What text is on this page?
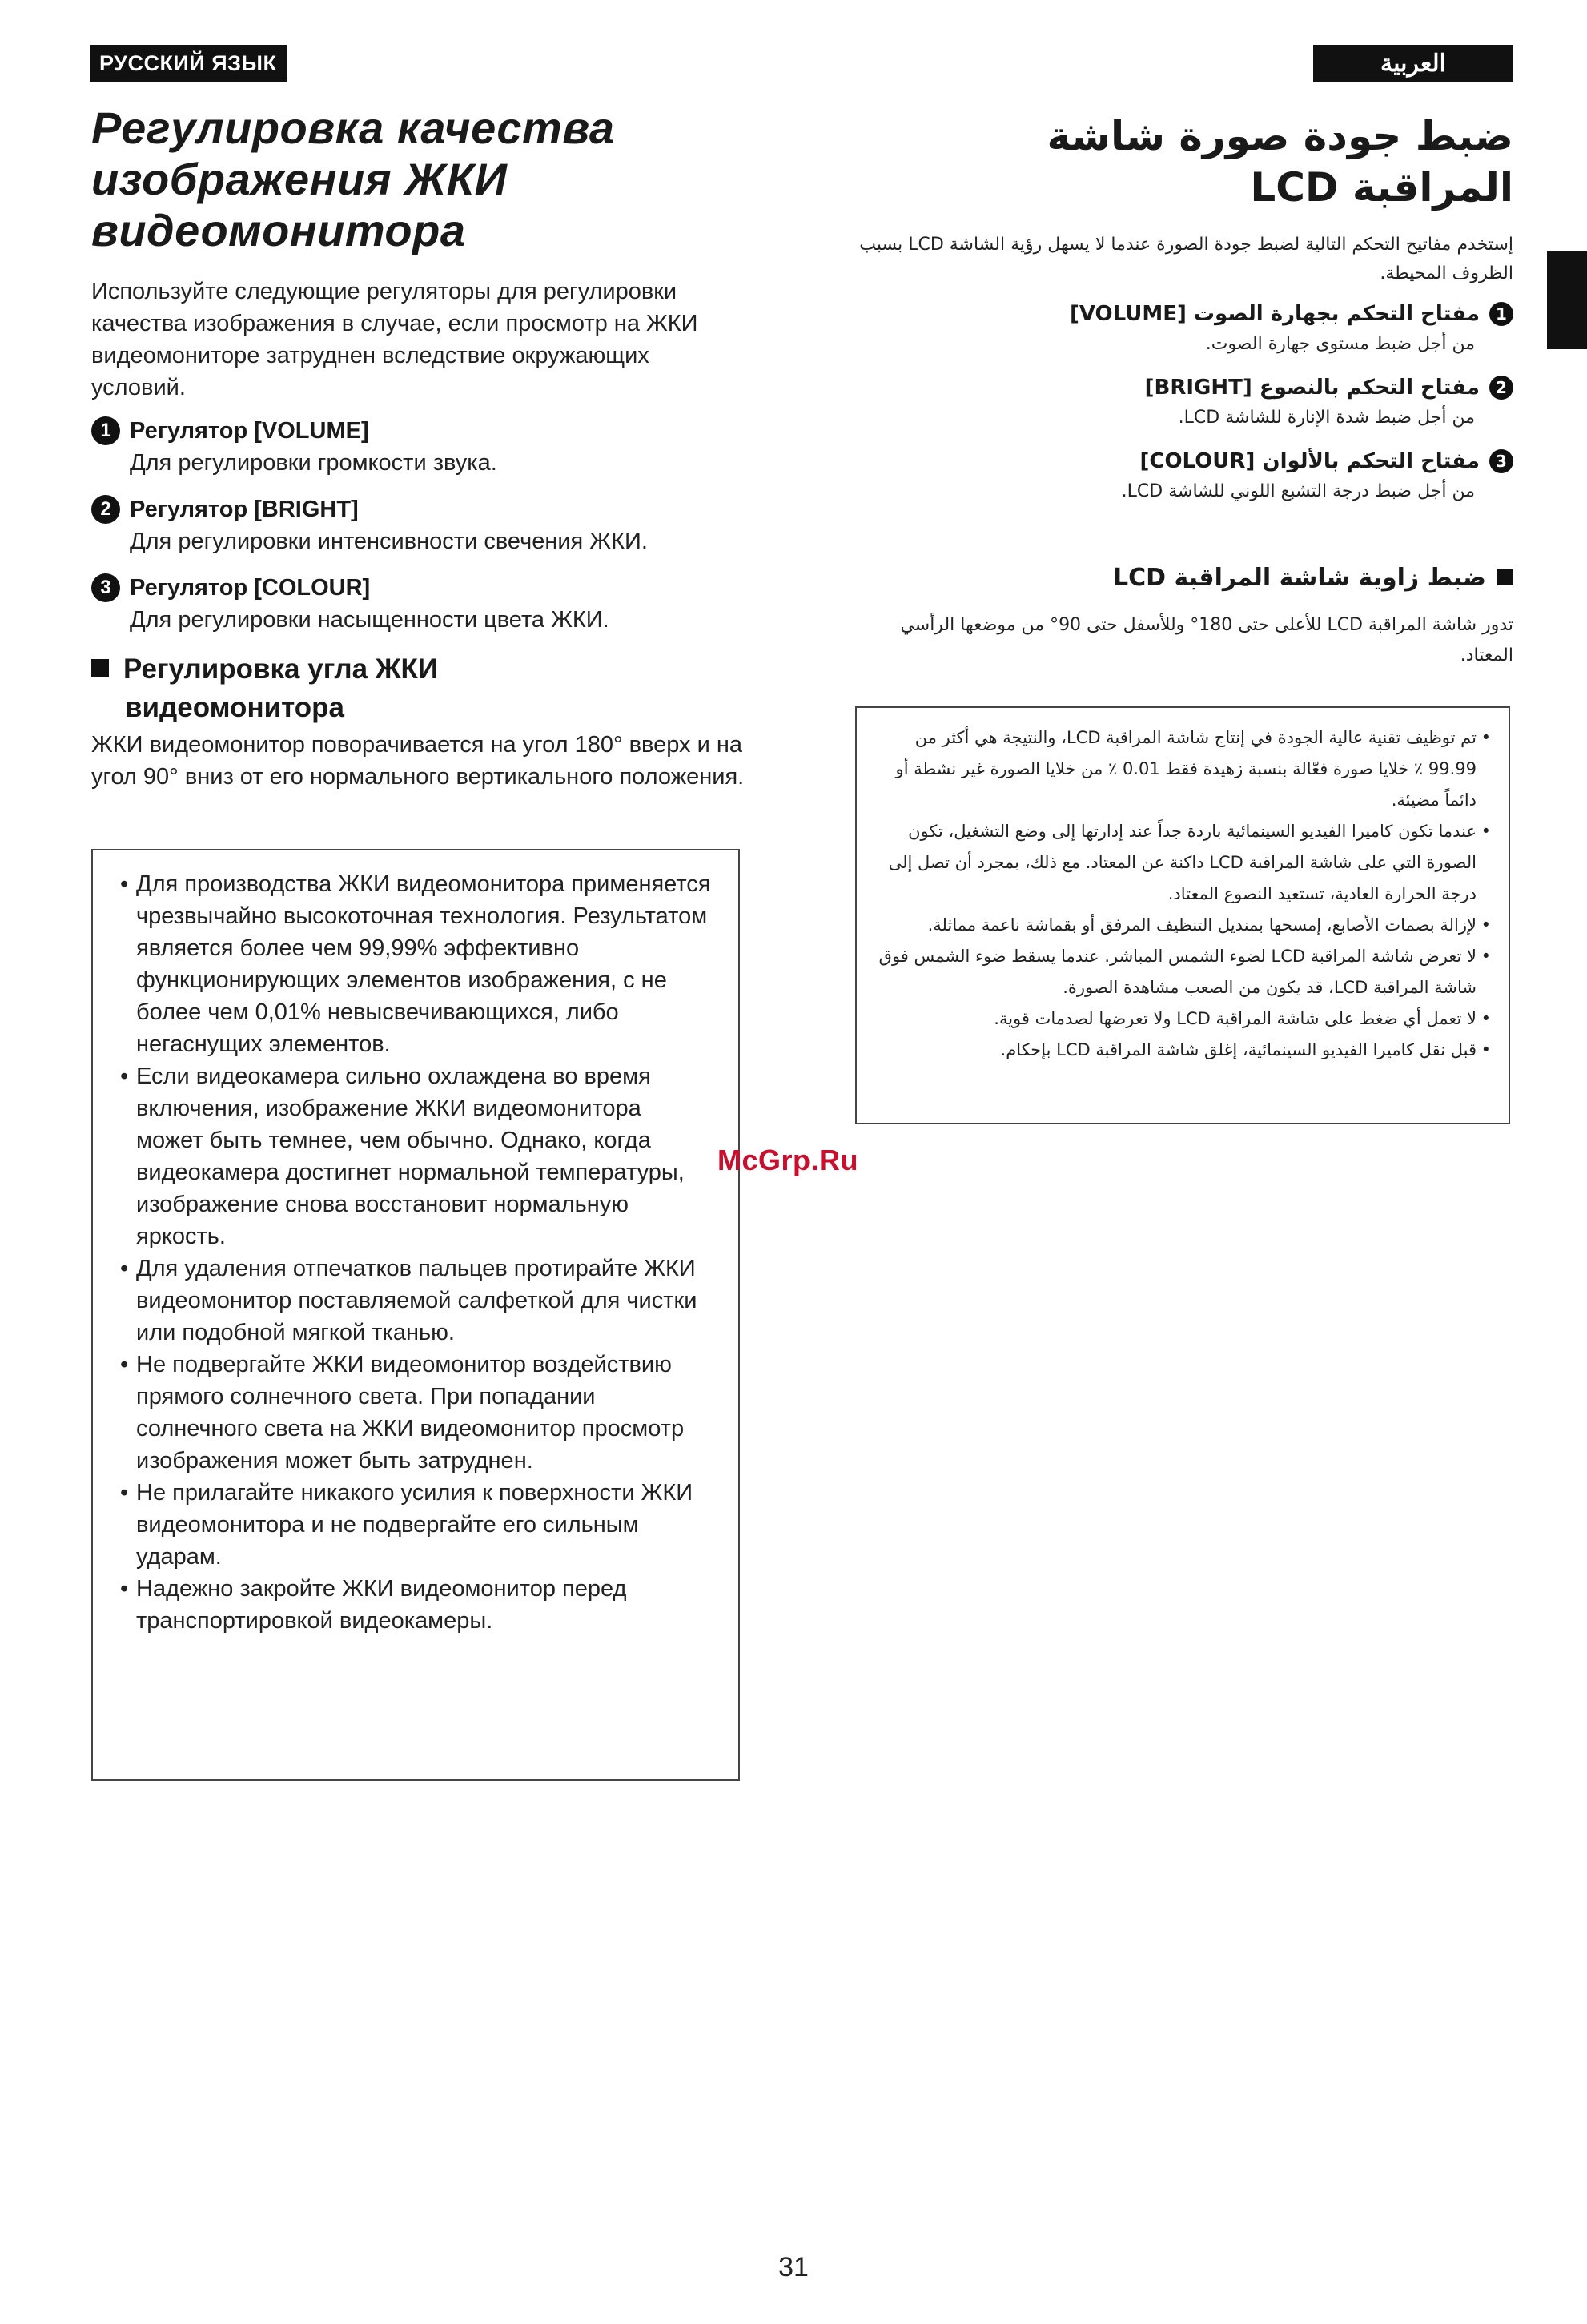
РУССКИЙ ЯЗЫК	العربية
Регулировка качества
изображения ЖКИ
видеомонитора
Используйте следующие регуляторы для регулировки качества изображения в случае, если просмотр на ЖКИ видеомониторе затруднен вследствие окружающих условий.
1 Регулятор [VOLUME]
Для регулировки громкости звука.
2 Регулятор [BRIGHT]
Для регулировки интенсивности свечения ЖКИ.
3 Регулятор [COLOUR]
Для регулировки насыщенности цвета ЖКИ.
Регулировка угла ЖКИ
видеомонитора
ЖКИ видеомонитор поворачивается на угол 180° вверх и на угол 90° вниз от его нормального вертикального положения.
• Для производства ЖКИ видеомонитора применяется чрезвычайно высокоточная технология. Результатом является более чем 99,99% эффективно функционирующих элементов изображения, с не более чем 0,01% невысвечивающихся, либо негаснущих элементов.
• Если видеокамера сильно охлаждена во время включения, изображение ЖКИ видеомонитора может быть темнее, чем обычно. Однако, когда видеокамера достигнет нормальной температуры, изображение снова восстановит нормальную яркость.
• Для удаления отпечатков пальцев протирайте ЖКИ видеомонитор поставляемой салфеткой для чистки или подобной мягкой тканью.
• Не подвергайте ЖКИ видеомонитор воздействию прямого солнечного света. При попадании солнечного света на ЖКИ видеомонитор просмотр изображения может быть затруднен.
• Не прилагайте никакого усилия к поверхности ЖКИ видеомонитора и не подвергайте его сильным ударам.
• Надежно закройте ЖКИ видеомонитор перед транспортировкой видеокамеры.
ضبط جودة صورة شاشة
المراقبة LCD
إستخدم مفاتيح التحكم التالية لضبط جودة الصورة عندما لا يسهل رؤية الشاشة LCD بسبب الظروف المحيطة.
1
مفتاح التحكم بجهارة الصوت [VOLUME]
من أجل ضبط مستوى جهارة الصوت.
2
مفتاح التحكم بالنصوع [BRIGHT]
من أجل ضبط شدة الإنارة للشاشة LCD.
3
مفتاح التحكم بالألوان [COLOUR]
من أجل ضبط درجة التشبع اللوني للشاشة LCD.
ضبط زاوية شاشة المراقبة LCD
تدور شاشة المراقبة LCD للأعلى حتى 180° وللأسفل حتى 90° من موضعها الرأسي المعتاد.
• تم توظيف تقنية عالية الجودة في إنتاج شاشة المراقبة LCD، والنتيجة هي أكثر من 99.99 ٪ خلايا صورة فعّالة بنسبة زهيدة فقط 0.01 ٪ من خلايا الصورة غير نشطة أو دائماً مضيئة.
• عندما تكون كاميرا الفيديو السينمائية باردة جداً عند إدارتها إلى وضع التشغيل، تكون الصورة التي على شاشة المراقبة LCD داكنة عن المعتاد. مع ذلك، بمجرد أن تصل إلى درجة الحرارة العادية، تستعيد النصوع المعتاد.
• لإزالة بصمات الأصابع، إمسحها بمنديل التنظيف المرفق أو بقماشة ناعمة مماثلة.
• لا تعرض شاشة المراقبة LCD لضوء الشمس المباشر. عندما يسقط ضوء الشمس فوق شاشة المراقبة LCD، قد يكون من الصعب مشاهدة الصورة.
• لا تعمل أي ضغط على شاشة المراقبة LCD ولا تعرضها لصدمات قوية.
• قبل نقل كاميرا الفيديو السينمائية، إغلق شاشة المراقبة LCD بإحكام.
McGrp.Ru
31
